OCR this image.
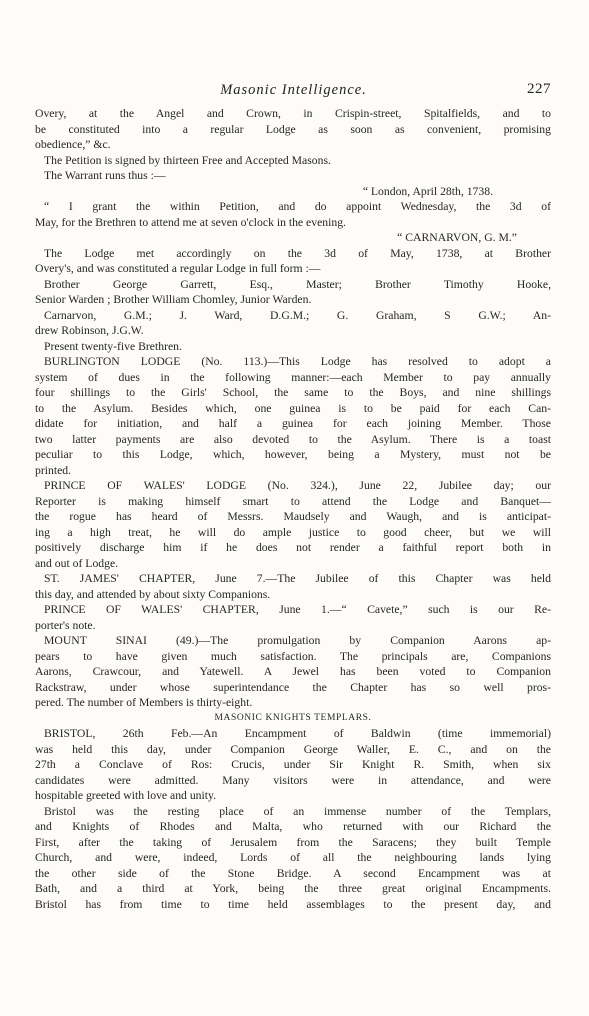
Masonic Intelligence.	227
Overy, at the Angel and Crown, in Crispin-street, Spitalfields, and to
be constituted into a regular Lodge as soon as convenient, promising
obedience,” &c.
The Petition is signed by thirteen Free and Accepted Masons.
The Warrant runs thus :—
“ London, April 28th, 1738.
“ I grant the within Petition, and do appoint Wednesday, the 3d of
May, for the Brethren to attend me at seven o'clock in the evening.
“ CARNARVON, G. M.”
The Lodge met accordingly on the 3d of May, 1738, at Brother
Overy's, and was constituted a regular Lodge in full form :—
Brother George Garrett, Esq., Master; Brother Timothy Hooke,
Senior Warden ; Brother William Chomley, Junior Warden.
Carnarvon, G.M.; J. Ward, D.G.M.; G. Graham, S G.W.; An-
drew Robinson, J.G.W.
Present twenty-five Brethren.
BURLINGTON LODGE (No. 113.)—This Lodge has resolved to adopt a
system of dues in the following manner:—each Member to pay annually
four shillings to the Girls' School, the same to the Boys, and nine shillings
to the Asylum. Besides which, one guinea is to be paid for each Can-
didate for initiation, and half a guinea for each joining Member. Those
two latter payments are also devoted to the Asylum. There is a toast
peculiar to this Lodge, which, however, being a Mystery, must not be
printed.
PRINCE OF WALES' LODGE (No. 324.), June 22, Jubilee day; our
Reporter is making himself smart to attend the Lodge and Banquet—
the rogue has heard of Messrs. Maudsely and Waugh, and is anticipat-
ing a high treat, he will do ample justice to good cheer, but we will
positively discharge him if he does not render a faithful report both in
and out of Lodge.
ST. JAMES' CHAPTER, June 7.—The Jubilee of this Chapter was held
this day, and attended by about sixty Companions.
PRINCE OF WALES' CHAPTER, June 1.—“ Cavete,” such is our Re-
porter's note.
MOUNT SINAI (49.)—The promulgation by Companion Aarons ap-
pears to have given much satisfaction. The principals are, Companions
Aarons, Crawcour, and Yatewell. A Jewel has been voted to Companion
Rackstraw, under whose superintendance the Chapter has so well pros-
pered. The number of Members is thirty-eight.
MASONIC KNIGHTS TEMPLARS.
BRISTOL, 26th Feb.—An Encampment of Baldwin (time immemorial)
was held this day, under Companion George Waller, E. C., and on the
27th a Conclave of Ros: Crucis, under Sir Knight R. Smith, when six
candidates were admitted. Many visitors were in attendance, and were
hospitable greeted with love and unity.
Bristol was the resting place of an immense number of the Templars,
and Knights of Rhodes and Malta, who returned with our Richard the
First, after the taking of Jerusalem from the Saracens; they built Temple
Church, and were, indeed, Lords of all the neighbouring lands lying
the other side of the Stone Bridge. A second Encampment was at
Bath, and a third at York, being the three great original Encampments.
Bristol has from time to time held assemblages to the present day, and
